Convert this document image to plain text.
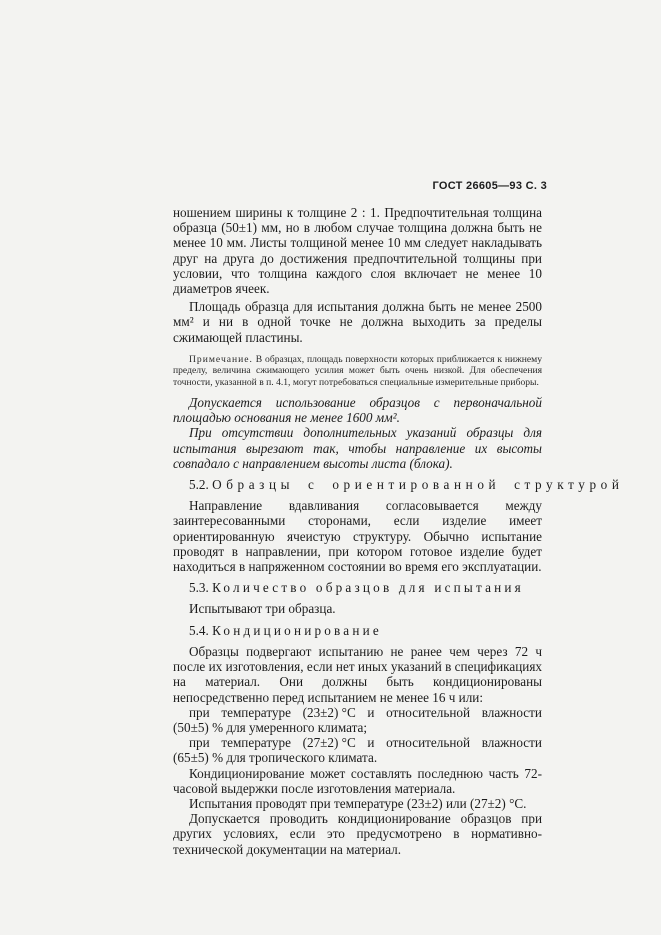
ГОСТ 26605—93 С. 3

ношением ширины к толщине 2 : 1. Предпочтительная толщина образца (50±1) мм, но в любом случае толщина должна быть не менее 10 мм. Листы толщиной менее 10 мм следует накладывать друг на друга до достижения предпочтительной толщины при условии, что толщина каждого слоя включает не менее 10 диаметров ячеек.

Площадь образца для испытания должна быть не менее 2500 мм² и ни в одной точке не должна выходить за пределы сжимающей пластины.

Примечание. В образцах, площадь поверхности которых приближается к нижнему пределу, величина сжимающего усилия может быть очень низкой. Для обеспечения точности, указанной в п. 4.1, могут потребоваться специальные измерительные приборы.

Допускается использование образцов с первоначальной площадью основания не менее 1600 мм².

При отсутствии дополнительных указаний образцы для испытания вырезают так, чтобы направление их высоты совпадало с направлением высоты листа (блока).

5.2. Образцы с ориентированной структурой

Направление вдавливания согласовывается между заинтересованными сторонами, если изделие имеет ориентированную ячеистую структуру. Обычно испытание проводят в направлении, при котором готовое изделие будет находиться в напряженном состоянии во время его эксплуатации.

5.3. Количество образцов для испытания

Испытывают три образца.

5.4. Кондиционирование

Образцы подвергают испытанию не ранее чем через 72 ч после их изготовления, если нет иных указаний в спецификациях на материал. Они должны быть кондиционированы непосредственно перед испытанием не менее 16 ч или:

при температуре (23±2) °С и относительной влажности

(50±5) % для умеренного климата;

при температуре (27±2) °С и относительной влажности

(65±5) % для тропического климата.

Кондиционирование может составлять последнюю часть 72-часовой выдержки после изготовления материала.

Испытания проводят при температуре (23±2) или (27±2) °С.

Допускается проводить кондиционирование образцов при других условиях, если это предусмотрено в нормативно-технической документации на материал.
